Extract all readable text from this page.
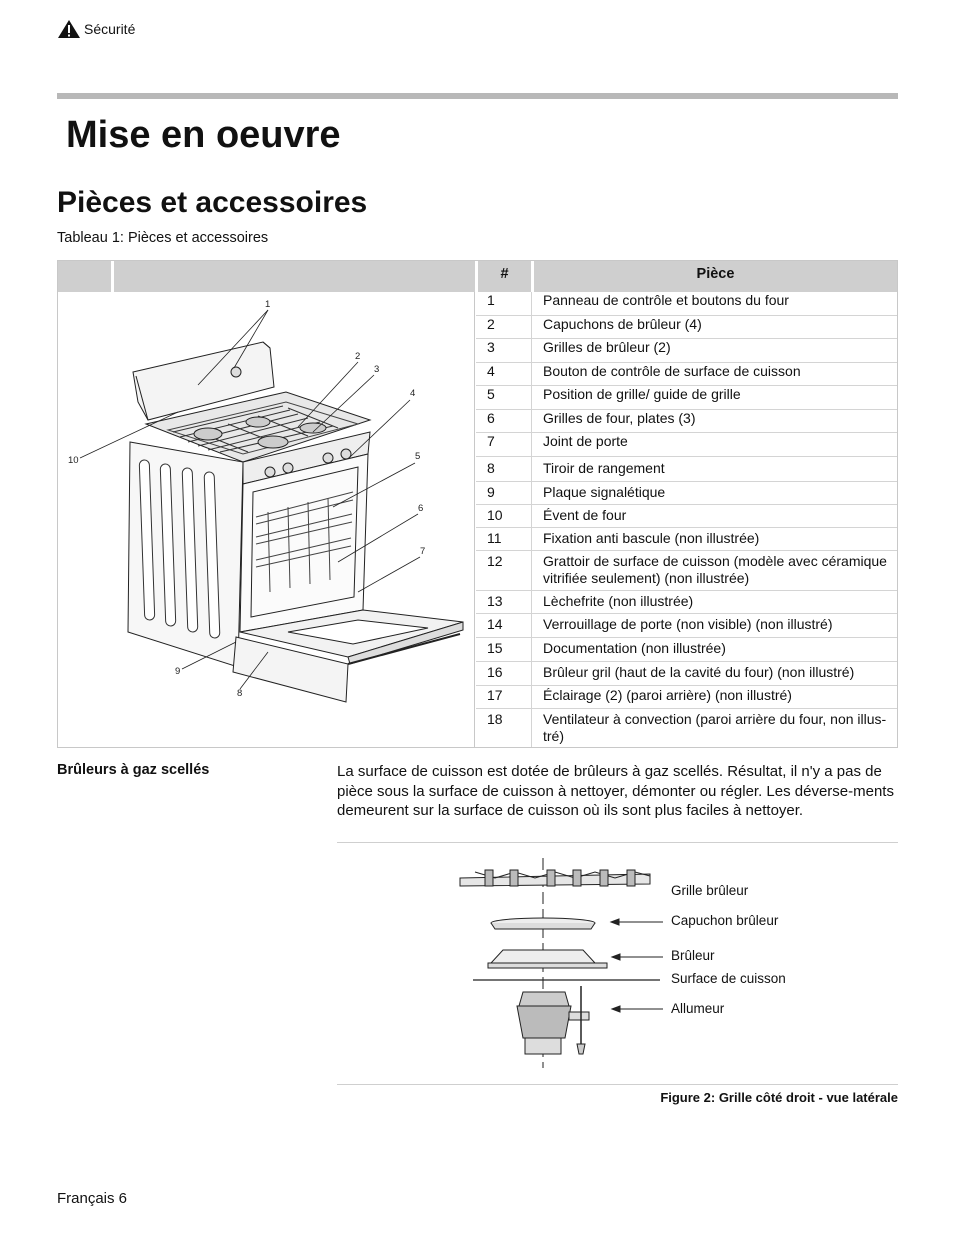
Sécurité
Mise en oeuvre
Pièces et accessoires
Tableau 1: Pièces et accessoires
#	Pièce
1
2
3
4
5
6
7
8
9
10
1	Panneau de contrôle et boutons du four
2	Capuchons de brûleur (4)
3	Grilles de brûleur (2)
4	Bouton de contrôle de surface de cuisson
5	Position de grille/ guide de grille
6	Grilles de four, plates (3)
7	Joint de porte
8	Tiroir de rangement
9	Plaque signalétique
10	Évent de four
11	Fixation anti bascule (non illustrée)
12	Grattoir de surface de cuisson (modèle avec céramique vitrifiée seulement) (non illustrée)
13	Lèchefrite (non illustrée)
14	Verrouillage de porte (non visible) (non illustré)
15	Documentation (non illustrée)
16	Brûleur gril (haut de la cavité du four) (non illustré)
17	Éclairage (2) (paroi arrière) (non illustré)
18	Ventilateur à convection (paroi arrière du four, non illus-tré)
Brûleurs à gaz scellés	La surface de cuisson est dotée de brûleurs à gaz scellés. Résultat, il n'y a pas de pièce sous la surface de cuisson à nettoyer, démonter ou régler. Les déverse-ments demeurent sur la surface de cuisson où ils sont plus faciles à nettoyer.
Grille brûleur
Capuchon brûleur
Brûleur
Surface de cuisson
Allumeur
Figure 2: Grille côté droit - vue latérale
Français 6
